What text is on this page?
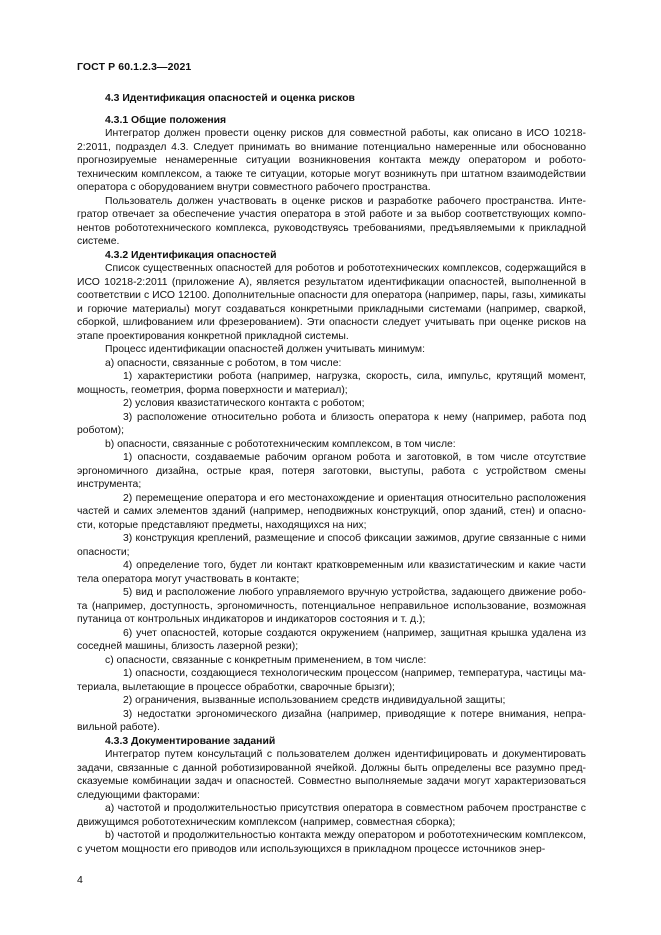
ГОСТ Р 60.1.2.3—2021

4.3 Идентификация опасностей и оценка рисков

4.3.1 Общие положения

Интегратор должен провести оценку рисков для совместной работы, как описано в ИСО 10218-2:2011, подраздел 4.3. Следует принимать во внимание потенциально намеренные или обоснованно прогнозируемые ненамеренные ситуации возникновения контакта между оператором и робототехническим комплексом, а также те ситуации, которые могут возникнуть при штатном взаимодействии оператора с оборудованием внутри совместного рабочего пространства.

Пользователь должен участвовать в оценке рисков и разработке рабочего пространства. Интегратор отвечает за обеспечение участия оператора в этой работе и за выбор соответствующих компонентов робототехнического комплекса, руководствуясь требованиями, предъявляемыми к прикладной системе.

4.3.2 Идентификация опасностей

Список существенных опасностей для роботов и робототехнических комплексов, содержащийся в ИСО 10218-2:2011 (приложение А), является результатом идентификации опасностей, выполненной в соответствии с ИСО 12100. Дополнительные опасности для оператора (например, пары, газы, химикаты и горючие материалы) могут создаваться конкретными прикладными системами (например, сваркой, сборкой, шлифованием или фрезерованием). Эти опасности следует учитывать при оценке рисков на этапе проектирования конкретной прикладной системы.

Процесс идентификации опасностей должен учитывать минимум:

а) опасности, связанные с роботом, в том числе:

1) характеристики робота (например, нагрузка, скорость, сила, импульс, крутящий момент, мощность, геометрия, форма поверхности и материал);

2) условия квазистатического контакта с роботом;

3) расположение относительно робота и близость оператора к нему (например, работа под роботом);

b) опасности, связанные с робототехническим комплексом, в том числе:

1) опасности, создаваемые рабочим органом робота и заготовкой, в том числе отсутствие эргономичного дизайна, острые края, потеря заготовки, выступы, работа с устройством смены инструмента;

2) перемещение оператора и его местонахождение и ориентация относительно расположения частей и самих элементов зданий (например, неподвижных конструкций, опор зданий, стен) и опасности, которые представляют предметы, находящихся на них;

3) конструкция креплений, размещение и способ фиксации зажимов, другие связанные с ними опасности;

4) определение того, будет ли контакт кратковременным или квазистатическим и какие части тела оператора могут участвовать в контакте;

5) вид и расположение любого управляемого вручную устройства, задающего движение робота (например, доступность, эргономичность, потенциальное неправильное использование, возможная путаница от контрольных индикаторов и индикаторов состояния и т. д.);

6) учет опасностей, которые создаются окружением (например, защитная крышка удалена из соседней машины, близость лазерной резки);

c) опасности, связанные с конкретным применением, в том числе:

1) опасности, создающиеся технологическим процессом (например, температура, частицы материала, вылетающие в процессе обработки, сварочные брызги);

2) ограничения, вызванные использованием средств индивидуальной защиты;

3) недостатки эргономического дизайна (например, приводящие к потере внимания, неправильной работе).

4.3.3 Документирование заданий

Интегратор путем консультаций с пользователем должен идентифицировать и документировать задачи, связанные с данной роботизированной ячейкой. Должны быть определены все разумно предсказуемые комбинации задач и опасностей. Совместно выполняемые задачи могут характеризоваться следующими факторами:

а) частотой и продолжительностью присутствия оператора в совместном рабочем пространстве с движущимся робототехническим комплексом (например, совместная сборка);

b) частотой и продолжительностью контакта между оператором и робототехническим комплексом, с учетом мощности его приводов или использующихся в прикладном процессе источников энер-

4
